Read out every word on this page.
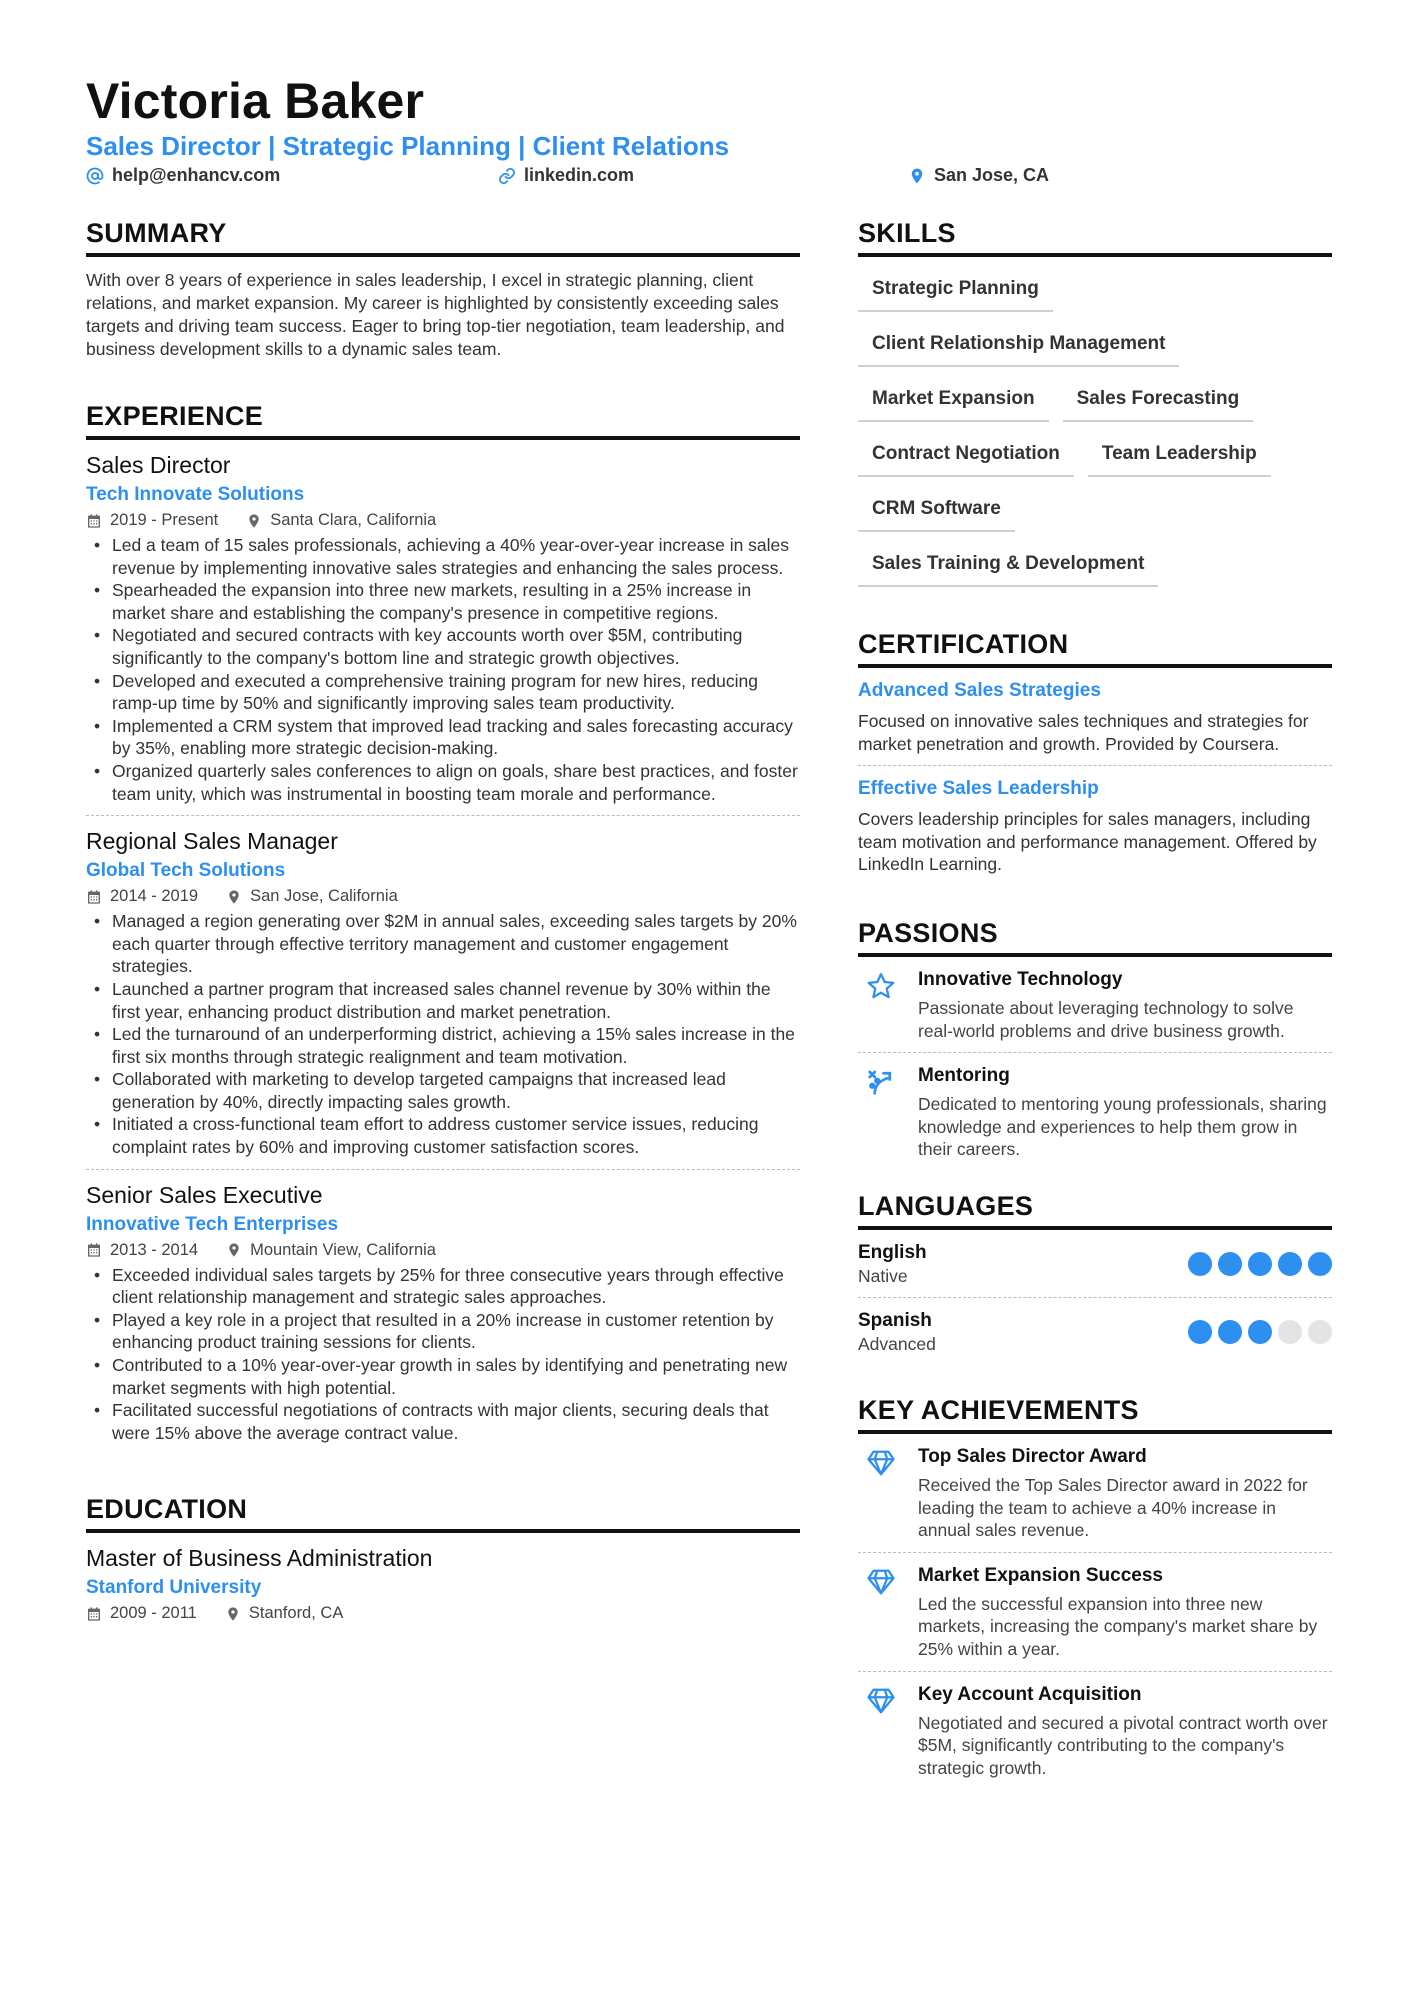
Victoria Baker
Sales Director | Strategic Planning | Client Relations
help@enhancv.com	linkedin.com	San Jose, CA
SUMMARY
With over 8 years of experience in sales leadership, I excel in strategic planning, client relations, and market expansion. My career is highlighted by consistently exceeding sales targets and driving team success. Eager to bring top-tier negotiation, team leadership, and business development skills to a dynamic sales team.
EXPERIENCE
Sales Director
Tech Innovate Solutions
2019 - Present	Santa Clara, California
• Led a team of 15 sales professionals, achieving a 40% year-over-year increase in sales revenue by implementing innovative sales strategies and enhancing the sales process.
• Spearheaded the expansion into three new markets, resulting in a 25% increase in market share and establishing the company's presence in competitive regions.
• Negotiated and secured contracts with key accounts worth over $5M, contributing significantly to the company's bottom line and strategic growth objectives.
• Developed and executed a comprehensive training program for new hires, reducing ramp-up time by 50% and significantly improving sales team productivity.
• Implemented a CRM system that improved lead tracking and sales forecasting accuracy by 35%, enabling more strategic decision-making.
• Organized quarterly sales conferences to align on goals, share best practices, and foster team unity, which was instrumental in boosting team morale and performance.
Regional Sales Manager
Global Tech Solutions
2014 - 2019	San Jose, California
• Managed a region generating over $2M in annual sales, exceeding sales targets by 20% each quarter through effective territory management and customer engagement strategies.
• Launched a partner program that increased sales channel revenue by 30% within the first year, enhancing product distribution and market penetration.
• Led the turnaround of an underperforming district, achieving a 15% sales increase in the first six months through strategic realignment and team motivation.
• Collaborated with marketing to develop targeted campaigns that increased lead generation by 40%, directly impacting sales growth.
• Initiated a cross-functional team effort to address customer service issues, reducing complaint rates by 60% and improving customer satisfaction scores.
Senior Sales Executive
Innovative Tech Enterprises
2013 - 2014	Mountain View, California
• Exceeded individual sales targets by 25% for three consecutive years through effective client relationship management and strategic sales approaches.
• Played a key role in a project that resulted in a 20% increase in customer retention by enhancing product training sessions for clients.
• Contributed to a 10% year-over-year growth in sales by identifying and penetrating new market segments with high potential.
• Facilitated successful negotiations of contracts with major clients, securing deals that were 15% above the average contract value.
EDUCATION
Master of Business Administration
Stanford University
2009 - 2011	Stanford, CA
SKILLS
Strategic Planning
Client Relationship Management
Market Expansion	Sales Forecasting
Contract Negotiation	Team Leadership
CRM Software
Sales Training & Development
CERTIFICATION
Advanced Sales Strategies
Focused on innovative sales techniques and strategies for market penetration and growth. Provided by Coursera.
Effective Sales Leadership
Covers leadership principles for sales managers, including team motivation and performance management. Offered by LinkedIn Learning.
PASSIONS
Innovative Technology
Passionate about leveraging technology to solve real-world problems and drive business growth.
Mentoring
Dedicated to mentoring young professionals, sharing knowledge and experiences to help them grow in their careers.
LANGUAGES
English
Native
Spanish
Advanced
KEY ACHIEVEMENTS
Top Sales Director Award
Received the Top Sales Director award in 2022 for leading the team to achieve a 40% increase in annual sales revenue.
Market Expansion Success
Led the successful expansion into three new markets, increasing the company's market share by 25% within a year.
Key Account Acquisition
Negotiated and secured a pivotal contract worth over $5M, significantly contributing to the company's strategic growth.
